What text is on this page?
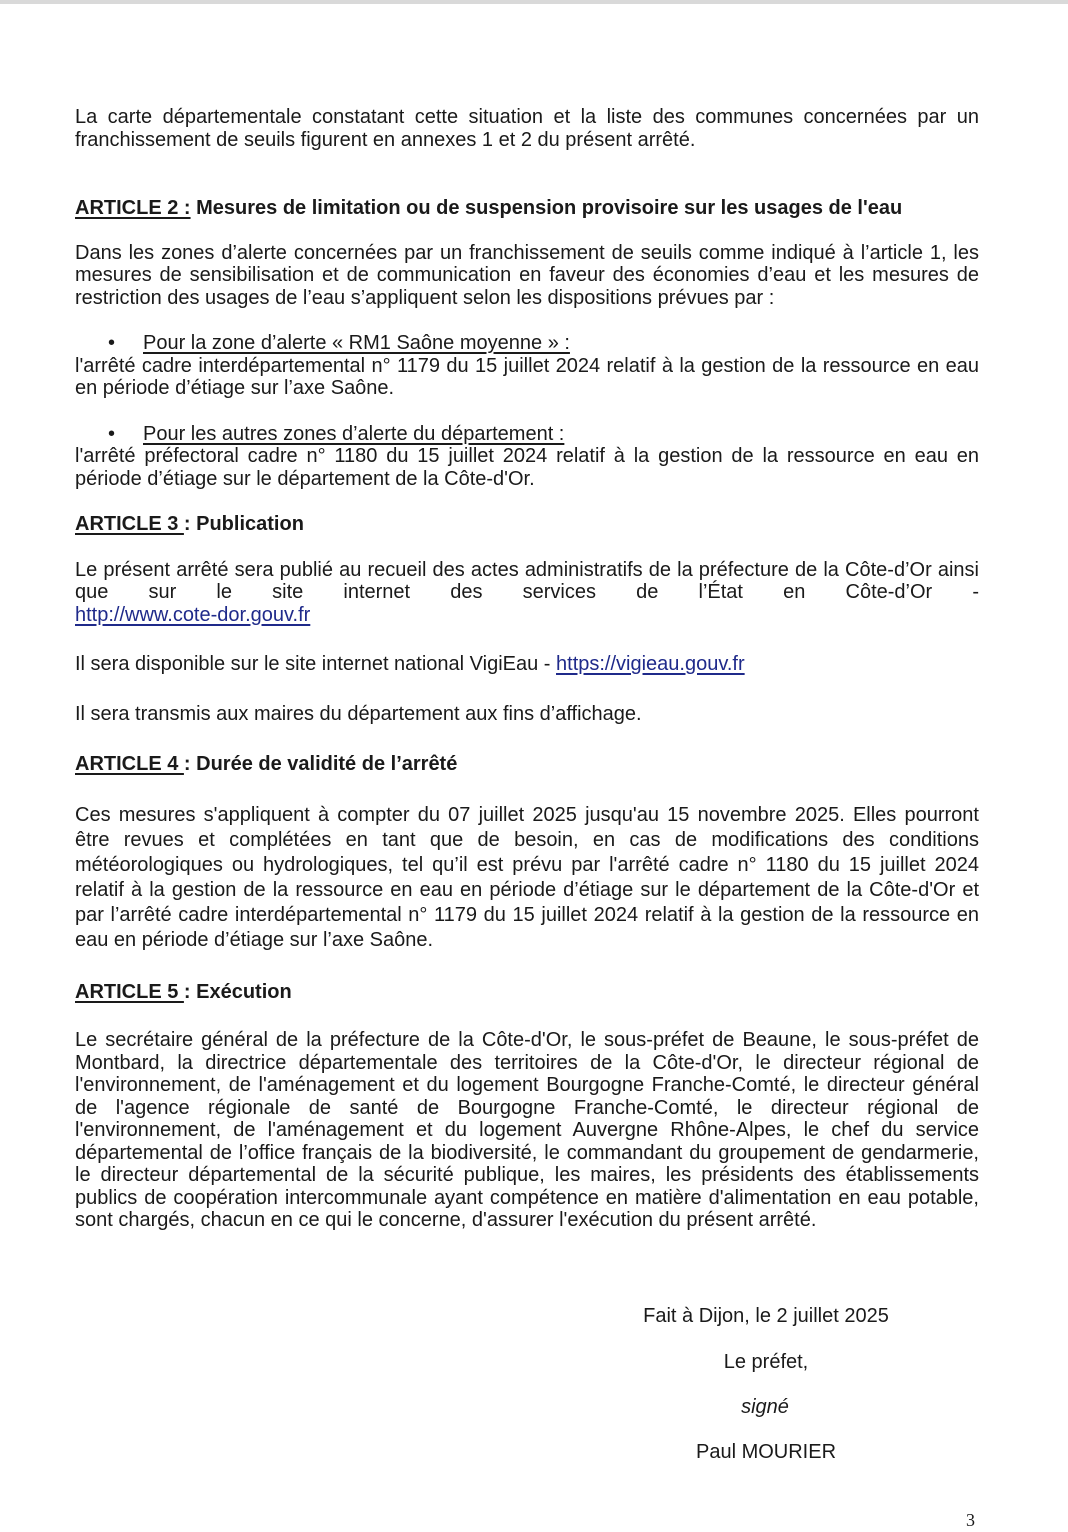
La carte départementale constatant cette situation et la liste des communes concernées par un franchissement de seuils figurent en annexes 1 et 2 du présent arrêté.

ARTICLE 2 : Mesures de limitation ou de suspension provisoire sur les usages de l'eau

Dans les zones d’alerte concernées par un franchissement de seuils comme indiqué à l’article 1, les mesures de sensibilisation et de communication en faveur des économies d’eau et les mesures de restriction des usages de l’eau s’appliquent selon les dispositions prévues par :

• Pour la zone d’alerte « RM1 Saône moyenne » :

l'arrêté cadre interdépartemental n° 1179 du 15 juillet 2024 relatif à la gestion de la ressource en eau en période d’étiage sur l’axe Saône.

• Pour les autres zones d’alerte du département :

l'arrêté préfectoral cadre n° 1180 du 15 juillet 2024 relatif à la gestion de la ressource en eau en période d’étiage sur le département de la Côte-d'Or.

ARTICLE 3 : Publication

Le présent arrêté sera publié au recueil des actes administratifs de la préfecture de la Côte-d’Or ainsi que sur le site internet des services de l’État en Côte-d’Or -

http://www.cote-dor.gouv.fr

Il sera disponible sur le site internet national VigiEau - https://vigieau.gouv.fr

Il sera transmis aux maires du département aux fins d’affichage.

ARTICLE 4 : Durée de validité de l’arrêté

Ces mesures s'appliquent à compter du 07 juillet 2025 jusqu'au 15 novembre 2025. Elles pourront être revues et complétées en tant que de besoin, en cas de modifications des conditions météorologiques ou hydrologiques, tel qu’il est prévu par l'arrêté cadre n° 1180 du 15 juillet 2024 relatif à la gestion de la ressource en eau en période d’étiage sur le département de la Côte-d'Or et par l’arrêté cadre interdépartemental n° 1179 du 15 juillet 2024 relatif à la gestion de la ressource en eau en période d’étiage sur l’axe Saône.

ARTICLE 5 : Exécution

Le secrétaire général de la préfecture de la Côte-d'Or, le sous-préfet de Beaune, le sous-préfet de Montbard, la directrice départementale des territoires de la Côte-d'Or, le directeur régional de l'environnement, de l'aménagement et du logement Bourgogne Franche-Comté, le directeur général de l'agence régionale de santé de Bourgogne Franche-Comté, le directeur régional de l'environnement, de l'aménagement et du logement Auvergne Rhône-Alpes, le chef du service départemental de l’office français de la biodiversité, le commandant du groupement de gendarmerie, le directeur départemental de la sécurité publique, les maires, les présidents des établissements publics de coopération intercommunale ayant compétence en matière d'alimentation en eau potable, sont chargés, chacun en ce qui le concerne, d'assurer l'exécution du présent arrêté.

Fait à Dijon, le 2 juillet 2025
Le préfet,
signé
Paul MOURIER
3
